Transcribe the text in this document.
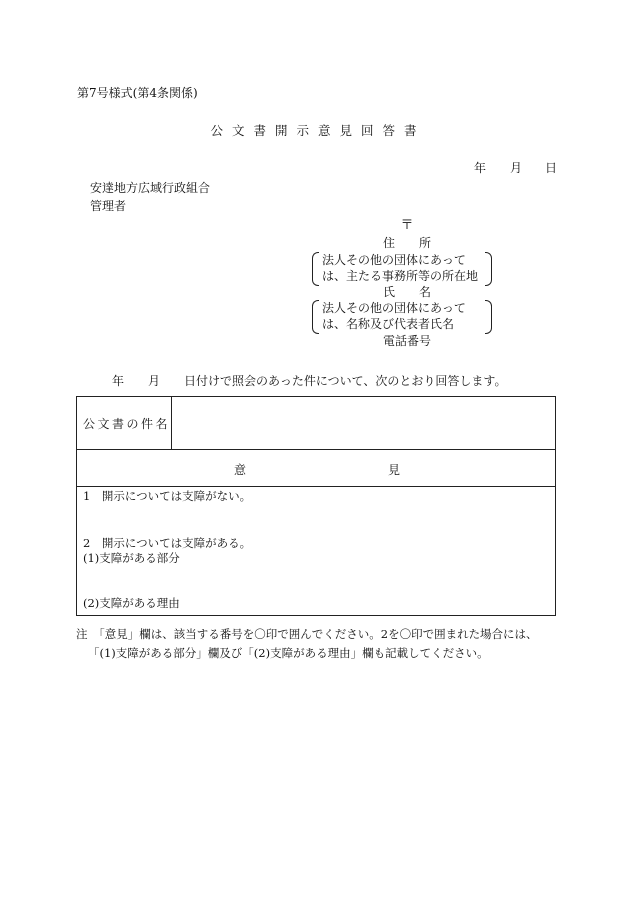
第7号様式(第4条関係)
公文書開示意見回答書
年 月 日
安達地方広域行政組合
管理者
〒
住　　所
法人その他の団体にあって
は、主たる事務所等の所在地
氏　　名
法人その他の団体にあって
は、名称及び代表者氏名
電話番号
年　　月　　日付けで照会のあった件について、次のとおり回答します。
公文書の件名
意	見
1　開示については支障がない。
2　開示については支障がある。
(1)支障がある部分
(2)支障がある理由
注　「意見」欄は、該当する番号を〇印で囲んでください。2を〇印で囲まれた場合には、
「(1)支障がある部分」欄及び「(2)支障がある理由」欄も記載してください。
